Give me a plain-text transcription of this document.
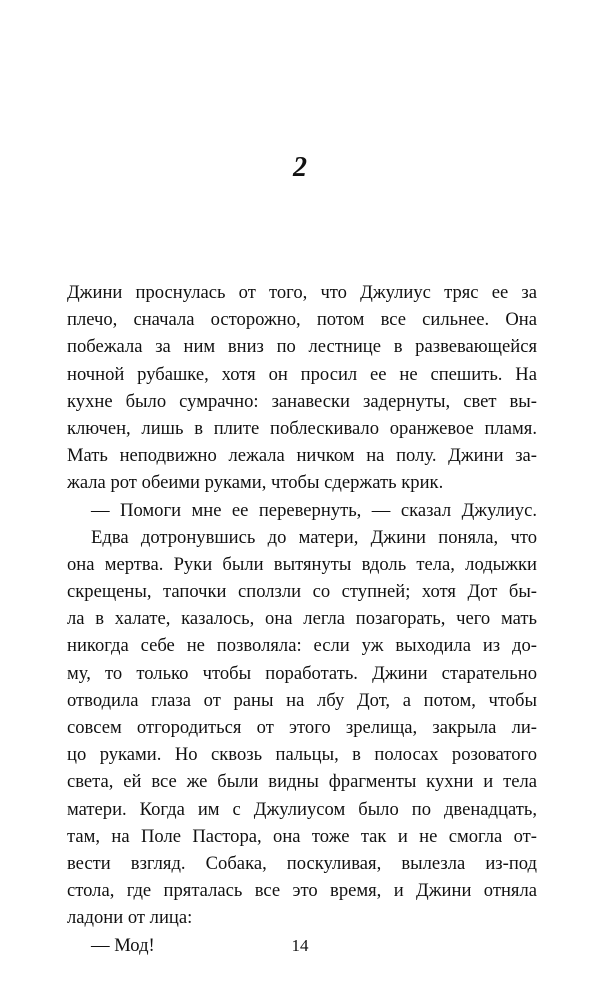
2
Джини проснулась от того, что Джулиус тряс ее за
плечо, сначала осторожно, потом все сильнее. Она
побежала за ним вниз по лестнице в развевающейся
ночной рубашке, хотя он просил ее не спешить. На
кухне было сумрачно: занавески задернуты, свет вы-
ключен, лишь в плите поблескивало оранжевое пламя.
Мать неподвижно лежала ничком на полу. Джини за-
жала рот обеими руками, чтобы сдержать крик.
— Помоги мне ее перевернуть, — сказал Джулиус.
Едва дотронувшись до матери, Джини поняла, что
она мертва. Руки были вытянуты вдоль тела, лодыжки
скрещены, тапочки сползли со ступней; хотя Дот бы-
ла в халате, казалось, она легла позагорать, чего мать
никогда себе не позволяла: если уж выходила из до-
му, то только чтобы поработать. Джини старательно
отводила глаза от раны на лбу Дот, а потом, чтобы
совсем отгородиться от этого зрелища, закрыла ли-
цо руками. Но сквозь пальцы, в полосах розоватого
света, ей все же были видны фрагменты кухни и тела
матери. Когда им с Джулиусом было по двенадцать,
там, на Поле Пастора, она тоже так и не смогла от-
вести взгляд. Собака, поскуливая, вылезла из-под
стола, где пряталась все это время, и Джини отняла
ладони от лица:
— Мод!	14
